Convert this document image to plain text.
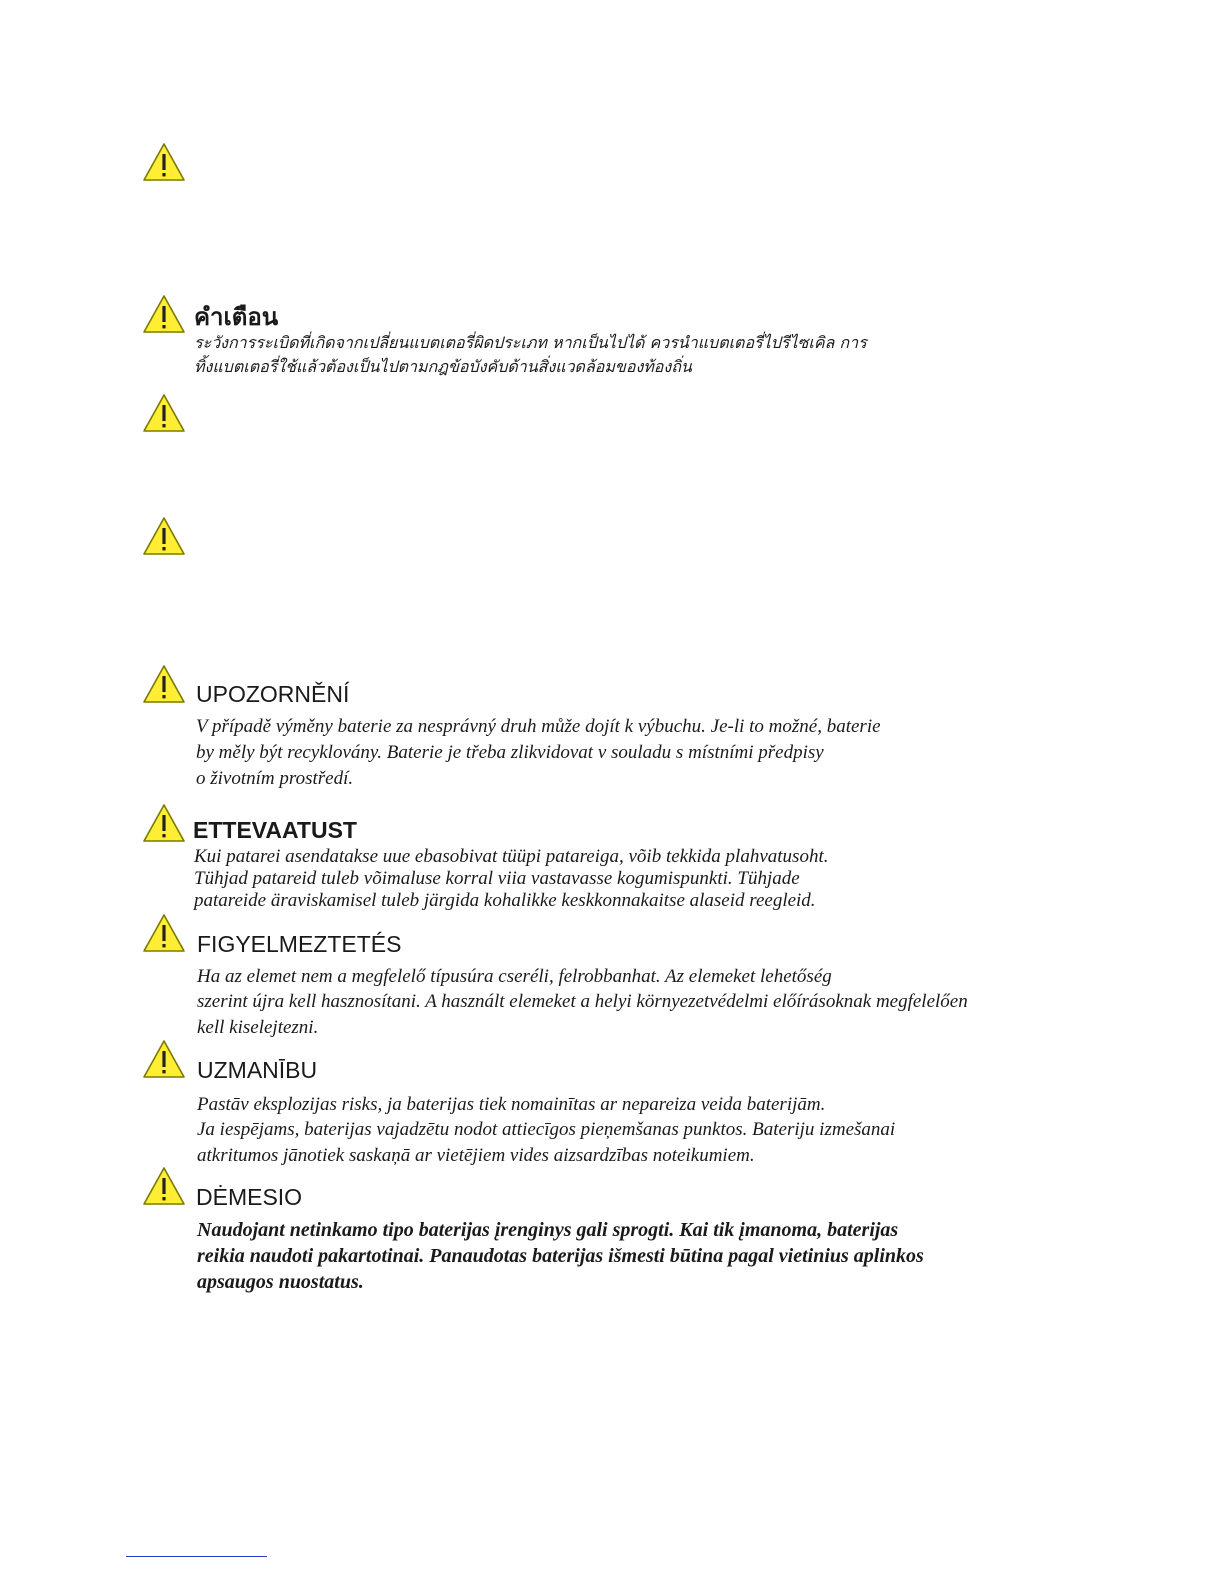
คำเตือน
ระวังการระเบิดที่เกิดจากเปลี่ยนแบตเตอรี่ผิดประเภท หากเป็นไปได้ ควรนำแบตเตอรี่ไปรีไซเคิล การ
ทิ้งแบตเตอรี่ใช้แล้วต้องเป็นไปตามกฎข้อบังคับด้านสิ่งแวดล้อมของท้องถิ่น
UPOZORNĚNÍ
V případě výměny baterie za nesprávný druh může dojít k výbuchu. Je-li to možné, baterie
by měly být recyklovány. Baterie je třeba zlikvidovat v souladu s místními předpisy
o životním prostředí.
ETTEVAATUST
Kui patarei asendatakse uue ebasobivat tüüpi patareiga, võib tekkida plahvatusoht.
Tühjad patareid tuleb võimaluse korral viia vastavasse kogumispunkti. Tühjade
patareide äraviskamisel tuleb järgida kohalikke keskkonnakaitse alaseid reegleid.
FIGYELMEZTETÉS
Ha az elemet nem a megfelelő típusúra cseréli, felrobbanhat. Az elemeket lehetőség
szerint újra kell hasznosítani. A használt elemeket a helyi környezetvédelmi előírásoknak megfelelően
kell kiselejtezni.
UZMANĪBU
Pastāv eksplozijas risks, ja baterijas tiek nomainītas ar nepareiza veida baterijām.
Ja iespējams, baterijas vajadzētu nodot attiecīgos pieņemšanas punktos. Bateriju izmešanai
atkritumos jānotiek saskaņā ar vietējiem vides aizsardzības noteikumiem.
DĖMESIO
Naudojant netinkamo tipo baterijas įrenginys gali sprogti. Kai tik įmanoma, baterijas
reikia naudoti pakartotinai. Panaudotas baterijas išmesti būtina pagal vietinius aplinkos
apsaugos nuostatus.
